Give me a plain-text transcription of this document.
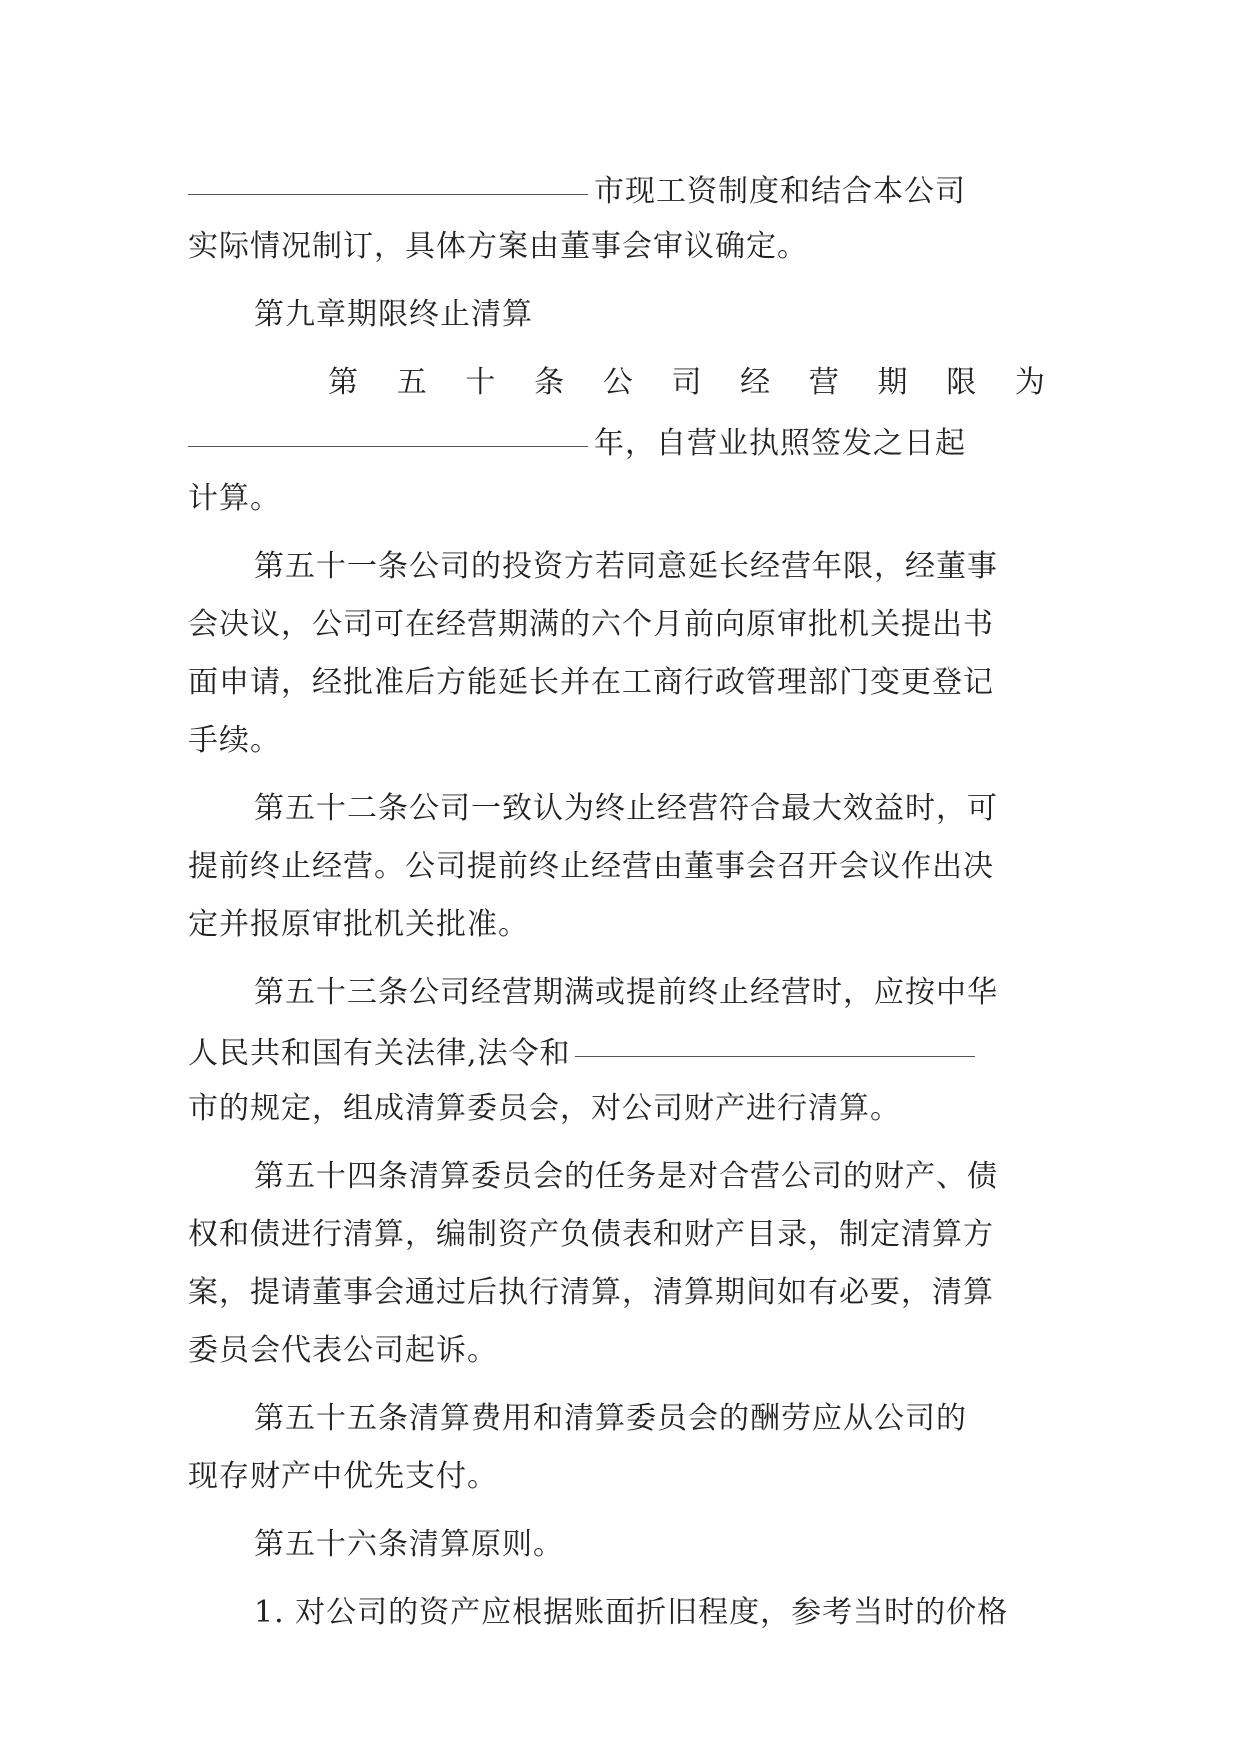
市现工资制度和结合本公司
实际情况制订，具体方案由董事会审议确定。
第九章期限终止清算
第 五 十 条 公 司 经 营 期 限 为
年，自营业执照签发之日起
计算。
第五十一条公司的投资方若同意延长经营年限，经董事
会决议，公司可在经营期满的六个月前向原审批机关提出书
面申请，经批准后方能延长并在工商行政管理部门变更登记
手续。
第五十二条公司一致认为终止经营符合最大效益时，可
提前终止经营。公司提前终止经营由董事会召开会议作出决
定并报原审批机关批准。
第五十三条公司经营期满或提前终止经营时，应按中华
人民共和国有关法律,法令和
市的规定，组成清算委员会，对公司财产进行清算。
第五十四条清算委员会的任务是对合营公司的财产、债
权和债进行清算，编制资产负债表和财产目录，制定清算方
案，提请董事会通过后执行清算，清算期间如有必要，清算
委员会代表公司起诉。
第五十五条清算费用和清算委员会的酬劳应从公司的
现存财产中优先支付。
第五十六条清算原则。
1. 对公司的资产应根据账面折旧程度，参考当时的价格
